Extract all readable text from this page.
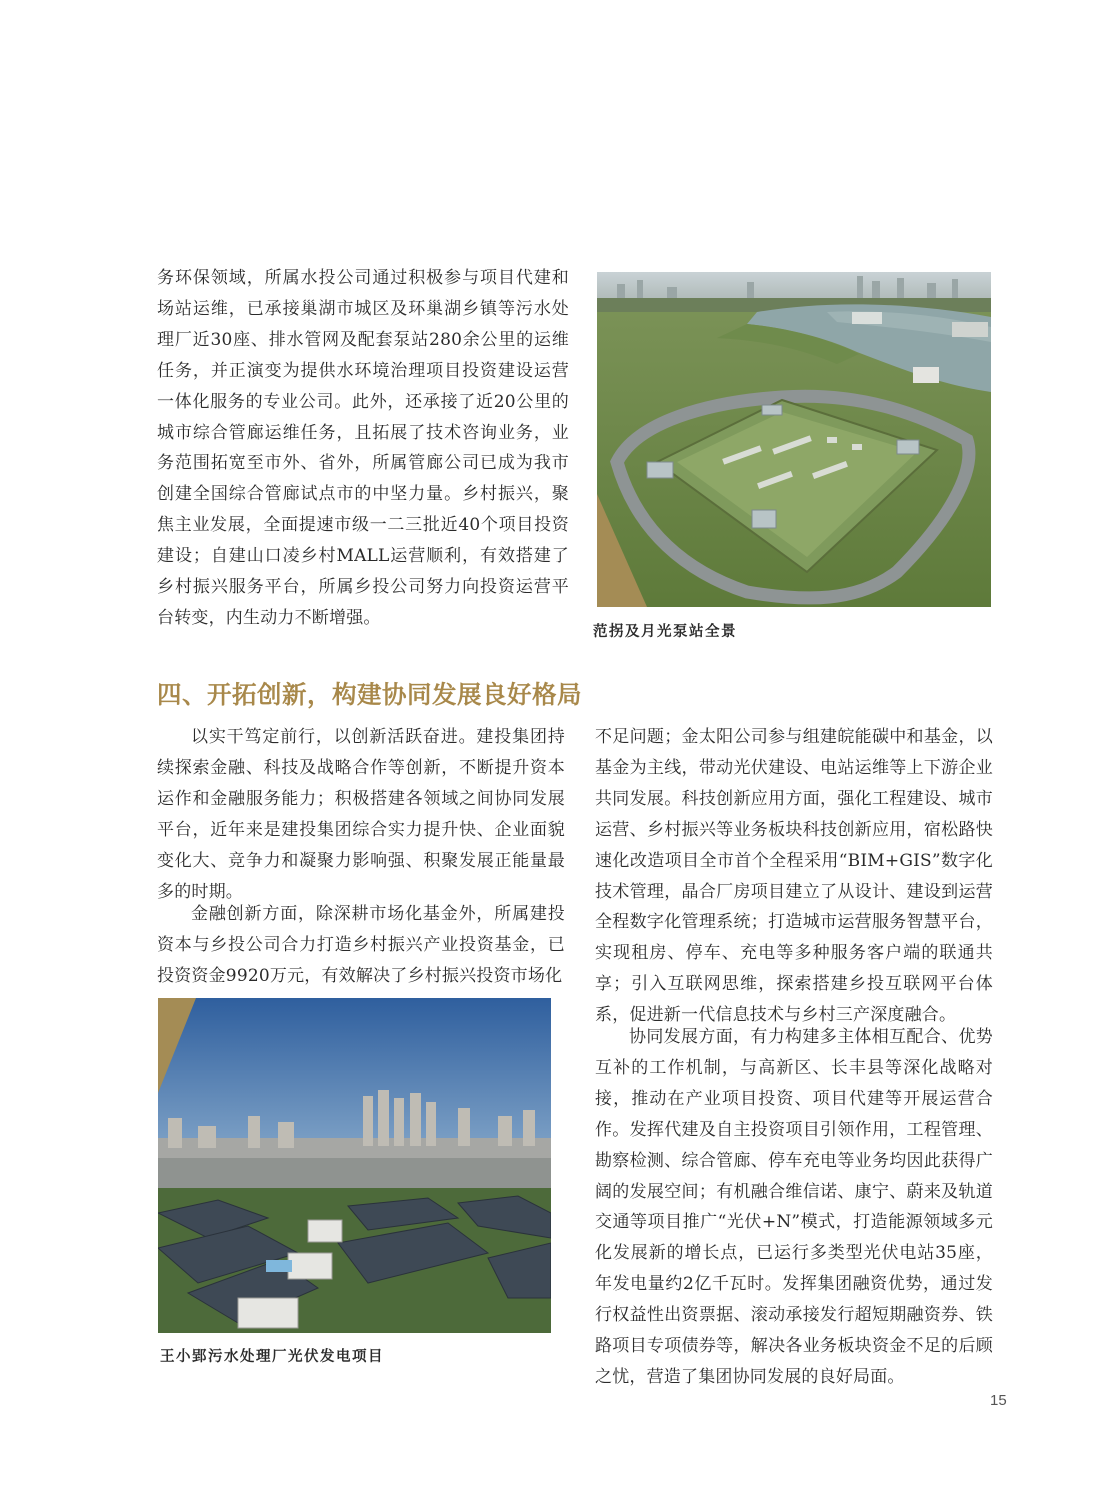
务环保领域，所属水投公司通过积极参与项目代建和场站运维，已承接巢湖市城区及环巢湖乡镇等污水处理厂近30座、排水管网及配套泵站280余公里的运维任务，并正演变为提供水环境治理项目投资建设运营一体化服务的专业公司。此外，还承接了近20公里的城市综合管廊运维任务，且拓展了技术咨询业务，业务范围拓宽至市外、省外，所属管廊公司已成为我市创建全国综合管廊试点市的中坚力量。乡村振兴，聚焦主业发展，全面提速市级一二三批近40个项目投资建设；自建山口凌乡村MALL运营顺利，有效搭建了乡村振兴服务平台，所属乡投公司努力向投资运营平台转变，内生动力不断增强。

范拐及月光泵站全景

四、开拓创新，构建协同发展良好格局

以实干笃定前行，以创新活跃奋进。建投集团持续探索金融、科技及战略合作等创新，不断提升资本运作和金融服务能力；积极搭建各领域之间协同发展平台，近年来是建投集团综合实力提升快、企业面貌变化大、竞争力和凝聚力影响强、积聚发展正能量最多的时期。

金融创新方面，除深耕市场化基金外，所属建投资本与乡投公司合力打造乡村振兴产业投资基金，已投资资金9920万元，有效解决了乡村振兴投资市场化

王小郢污水处理厂光伏发电项目

不足问题；金太阳公司参与组建皖能碳中和基金，以基金为主线，带动光伏建设、电站运维等上下游企业共同发展。科技创新应用方面，强化工程建设、城市运营、乡村振兴等业务板块科技创新应用，宿松路快速化改造项目全市首个全程采用“BIM+GIS”数字化技术管理，晶合厂房项目建立了从设计、建设到运营全程数字化管理系统；打造城市运营服务智慧平台，实现租房、停车、充电等多种服务客户端的联通共享；引入互联网思维，探索搭建乡投互联网平台体系，促进新一代信息技术与乡村三产深度融合。

协同发展方面，有力构建多主体相互配合、优势互补的工作机制，与高新区、长丰县等深化战略对接，推动在产业项目投资、项目代建等开展运营合作。发挥代建及自主投资项目引领作用，工程管理、勘察检测、综合管廊、停车充电等业务均因此获得广阔的发展空间；有机融合维信诺、康宁、蔚来及轨道交通等项目推广“光伏+N”模式，打造能源领域多元化发展新的增长点，已运行多类型光伏电站35座，年发电量约2亿千瓦时。发挥集团融资优势，通过发行权益性出资票据、滚动承接发行超短期融资券、铁路项目专项债券等，解决各业务板块资金不足的后顾之忧，营造了集团协同发展的良好局面。

15
